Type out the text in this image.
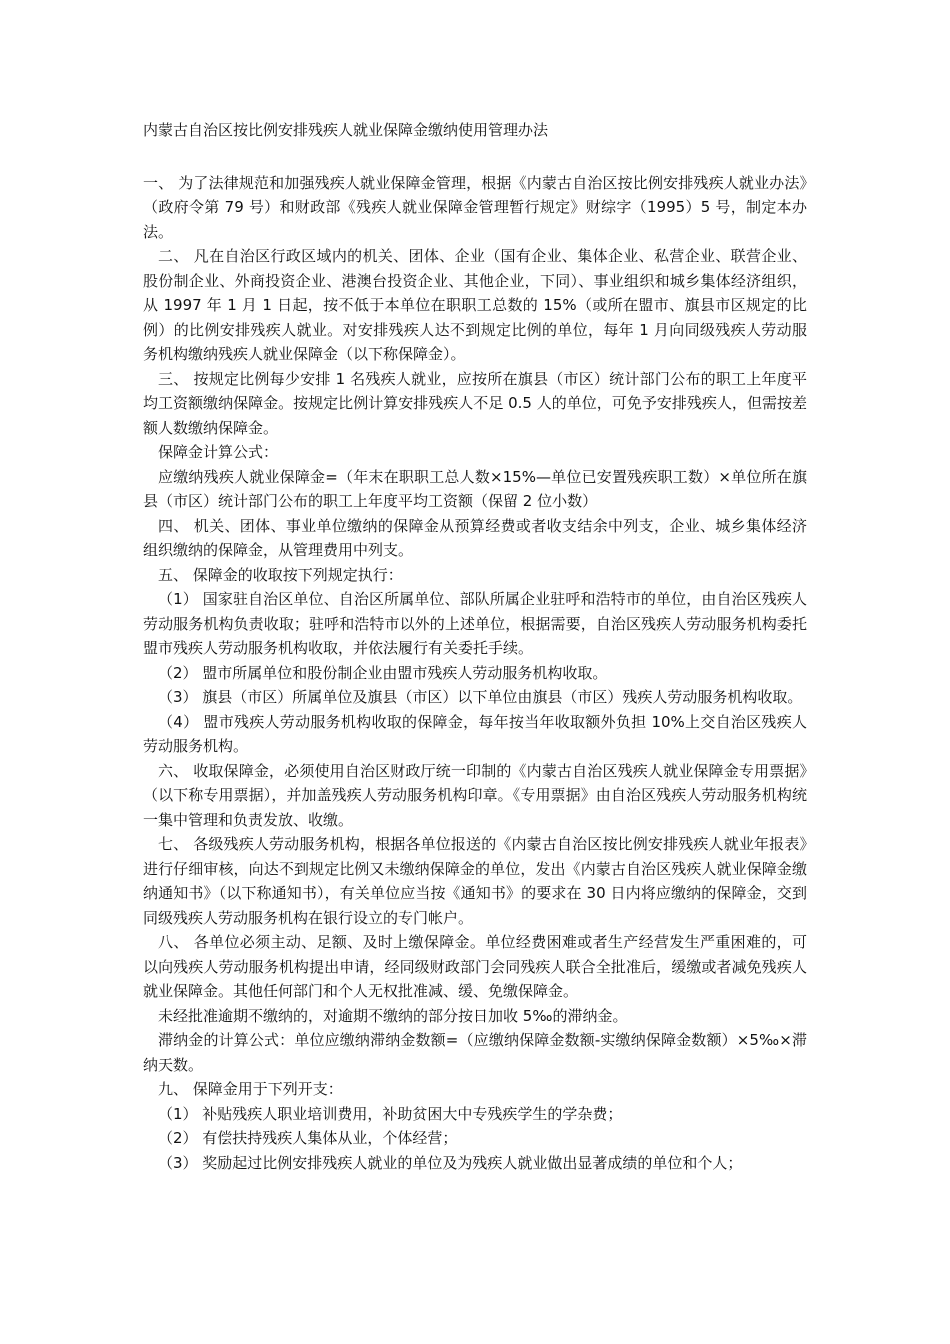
内蒙古自治区按比例安排残疾人就业保障金缴纳使用管理办法

一、 为了法律规范和加强残疾人就业保障金管理，根据《内蒙古自治区按比例安排残疾人就业办法》（政府令第 79 号）和财政部《残疾人就业保障金管理暂行规定》财综字（1995）5 号，制定本办法。

二、 凡在自治区行政区域内的机关、团体、企业（国有企业、集体企业、私营企业、联营企业、股份制企业、外商投资企业、港澳台投资企业、其他企业，下同）、事业组织和城乡集体经济组织，从 1997 年 1 月 1 日起，按不低于本单位在职职工总数的 15%（或所在盟市、旗县市区规定的比例）的比例安排残疾人就业。对安排残疾人达不到规定比例的单位，每年 1 月向同级残疾人劳动服务机构缴纳残疾人就业保障金（以下称保障金）。

三、 按规定比例每少安排 1 名残疾人就业，应按所在旗县（市区）统计部门公布的职工上年度平均工资额缴纳保障金。按规定比例计算安排残疾人不足 0.5 人的单位，可免予安排残疾人，但需按差额人数缴纳保障金。

保障金计算公式：

应缴纳残疾人就业保障金=（年末在职职工总人数×15%—单位已安置残疾职工数）×单位所在旗县（市区）统计部门公布的职工上年度平均工资额（保留 2 位小数）

四、 机关、团体、事业单位缴纳的保障金从预算经费或者收支结余中列支，企业、城乡集体经济组织缴纳的保障金，从管理费用中列支。

五、 保障金的收取按下列规定执行：

（1） 国家驻自治区单位、自治区所属单位、部队所属企业驻呼和浩特市的单位，由自治区残疾人劳动服务机构负责收取；驻呼和浩特市以外的上述单位，根据需要，自治区残疾人劳动服务机构委托盟市残疾人劳动服务机构收取，并依法履行有关委托手续。

（2） 盟市所属单位和股份制企业由盟市残疾人劳动服务机构收取。

（3） 旗县（市区）所属单位及旗县（市区）以下单位由旗县（市区）残疾人劳动服务机构收取。

（4） 盟市残疾人劳动服务机构收取的保障金，每年按当年收取额外负担 10%上交自治区残疾人劳动服务机构。

六、 收取保障金，必须使用自治区财政厅统一印制的《内蒙古自治区残疾人就业保障金专用票据》（以下称专用票据），并加盖残疾人劳动服务机构印章。《专用票据》由自治区残疾人劳动服务机构统一集中管理和负责发放、收缴。

七、 各级残疾人劳动服务机构，根据各单位报送的《内蒙古自治区按比例安排残疾人就业年报表》进行仔细审核，向达不到规定比例又未缴纳保障金的单位，发出《内蒙古自治区残疾人就业保障金缴纳通知书》（以下称通知书），有关单位应当按《通知书》的要求在 30 日内将应缴纳的保障金，交到同级残疾人劳动服务机构在银行设立的专门帐户。

八、 各单位必须主动、足额、及时上缴保障金。单位经费困难或者生产经营发生严重困难的，可以向残疾人劳动服务机构提出申请，经同级财政部门会同残疾人联合全批准后，缓缴或者减免残疾人就业保障金。其他任何部门和个人无权批准减、缓、免缴保障金。

未经批准逾期不缴纳的，对逾期不缴纳的部分按日加收 5‰的滞纳金。

滞纳金的计算公式：单位应缴纳滞纳金数额=（应缴纳保障金数额-实缴纳保障金数额）×5‰×滞纳天数。

九、 保障金用于下列开支：

（1） 补贴残疾人职业培训费用，补助贫困大中专残疾学生的学杂费；

（2） 有偿扶持残疾人集体从业，个体经营；

（3） 奖励起过比例安排残疾人就业的单位及为残疾人就业做出显著成绩的单位和个人；
